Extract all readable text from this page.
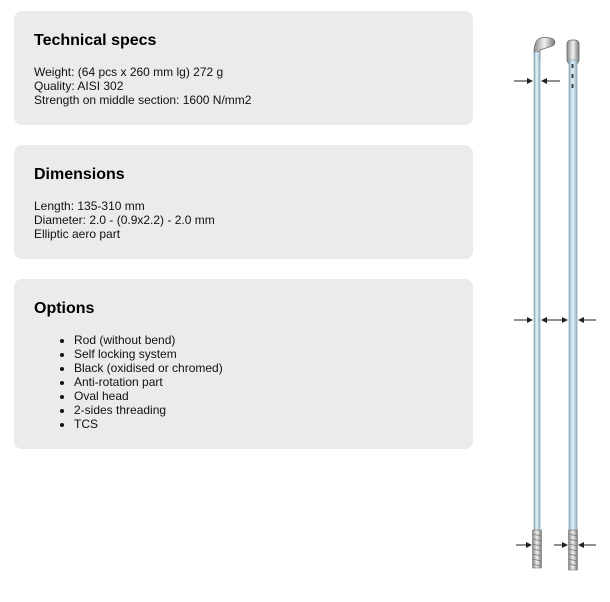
Technical specs
Weight: (64 pcs x 260 mm lg) 272 g
Quality: AISI 302
Strength on middle section: 1600 N/mm2
Dimensions
Length: 135-310 mm
Diameter: 2.0 - (0.9x2.2) - 2.0 mm
Elliptic aero part
Options
• Rod (without bend)
• Self locking system
• Black (oxidised or chromed)
• Anti-rotation part
• Oval head
• 2-sides threading
• TCS
